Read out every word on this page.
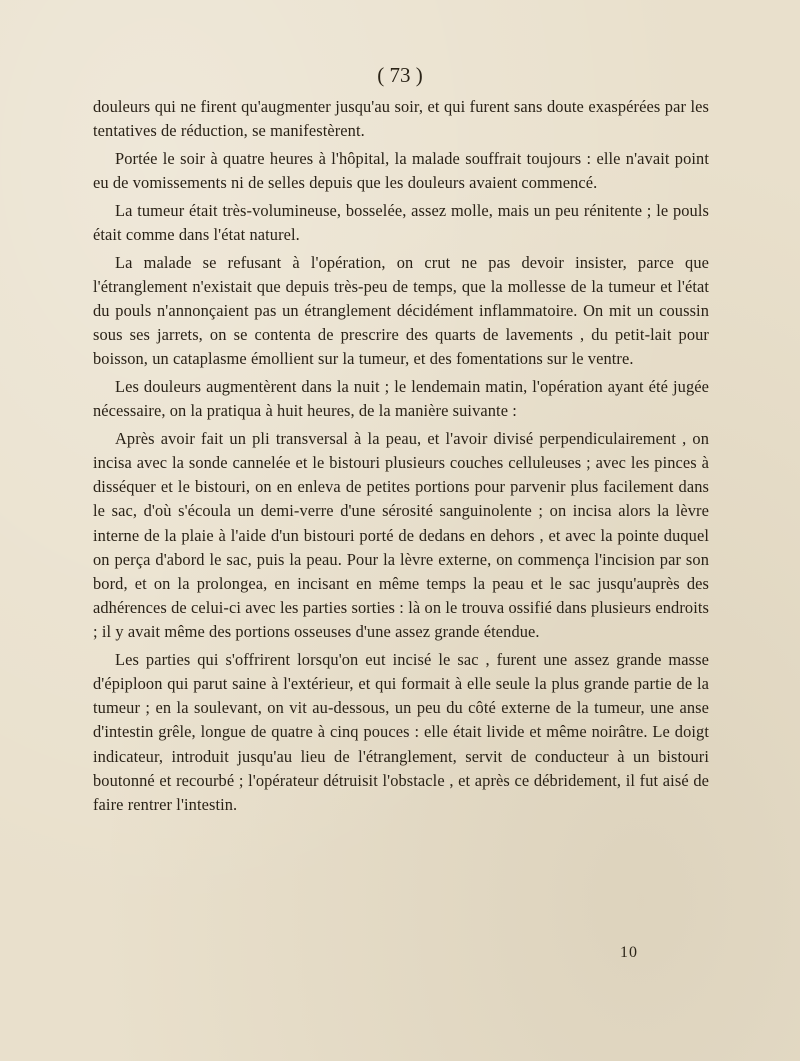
( 73 )

douleurs qui ne firent qu'augmenter jusqu'au soir, et qui furent sans doute exaspérées par les tentatives de réduction, se manifestèrent.

Portée le soir à quatre heures à l'hôpital, la malade souffrait toujours : elle n'avait point eu de vomissements ni de selles depuis que les douleurs avaient commencé.

La tumeur était très-volumineuse, bosselée, assez molle, mais un peu rénitente ; le pouls était comme dans l'état naturel.

La malade se refusant à l'opération, on crut ne pas devoir insister, parce que l'étranglement n'existait que depuis très-peu de temps, que la mollesse de la tumeur et l'état du pouls n'annonçaient pas un étranglement décidément inflammatoire. On mit un coussin sous ses jarrets, on se contenta de prescrire des quarts de lavements , du petit-lait pour boisson, un cataplasme émollient sur la tumeur, et des fomentations sur le ventre.

Les douleurs augmentèrent dans la nuit ; le lendemain matin, l'opération ayant été jugée nécessaire, on la pratiqua à huit heures, de la manière suivante :

Après avoir fait un pli transversal à la peau, et l'avoir divisé perpendiculairement , on incisa avec la sonde cannelée et le bistouri plusieurs couches celluleuses ; avec les pinces à disséquer et le bistouri, on en enleva de petites portions pour parvenir plus facilement dans le sac, d'où s'écoula un demi-verre d'une sérosité sanguinolente ; on incisa alors la lèvre interne de la plaie à l'aide d'un bistouri porté de dedans en dehors , et avec la pointe duquel on perça d'abord le sac, puis la peau. Pour la lèvre externe, on commença l'incision par son bord, et on la prolongea, en incisant en même temps la peau et le sac jusqu'auprès des adhérences de celui-ci avec les parties sorties : là on le trouva ossifié dans plusieurs endroits ; il y avait même des portions osseuses d'une assez grande étendue.

Les parties qui s'offrirent lorsqu'on eut incisé le sac , furent une assez grande masse d'épiploon qui parut saine à l'extérieur, et qui formait à elle seule la plus grande partie de la tumeur ; en la soulevant, on vit au-dessous, un peu du côté externe de la tumeur, une anse d'intestin grêle, longue de quatre à cinq pouces : elle était livide et même noirâtre. Le doigt indicateur, introduit jusqu'au lieu de l'étranglement, servit de conducteur à un bistouri boutonné et recourbé ; l'opérateur détruisit l'obstacle , et après ce débridement, il fut aisé de faire rentrer l'intestin.

10
